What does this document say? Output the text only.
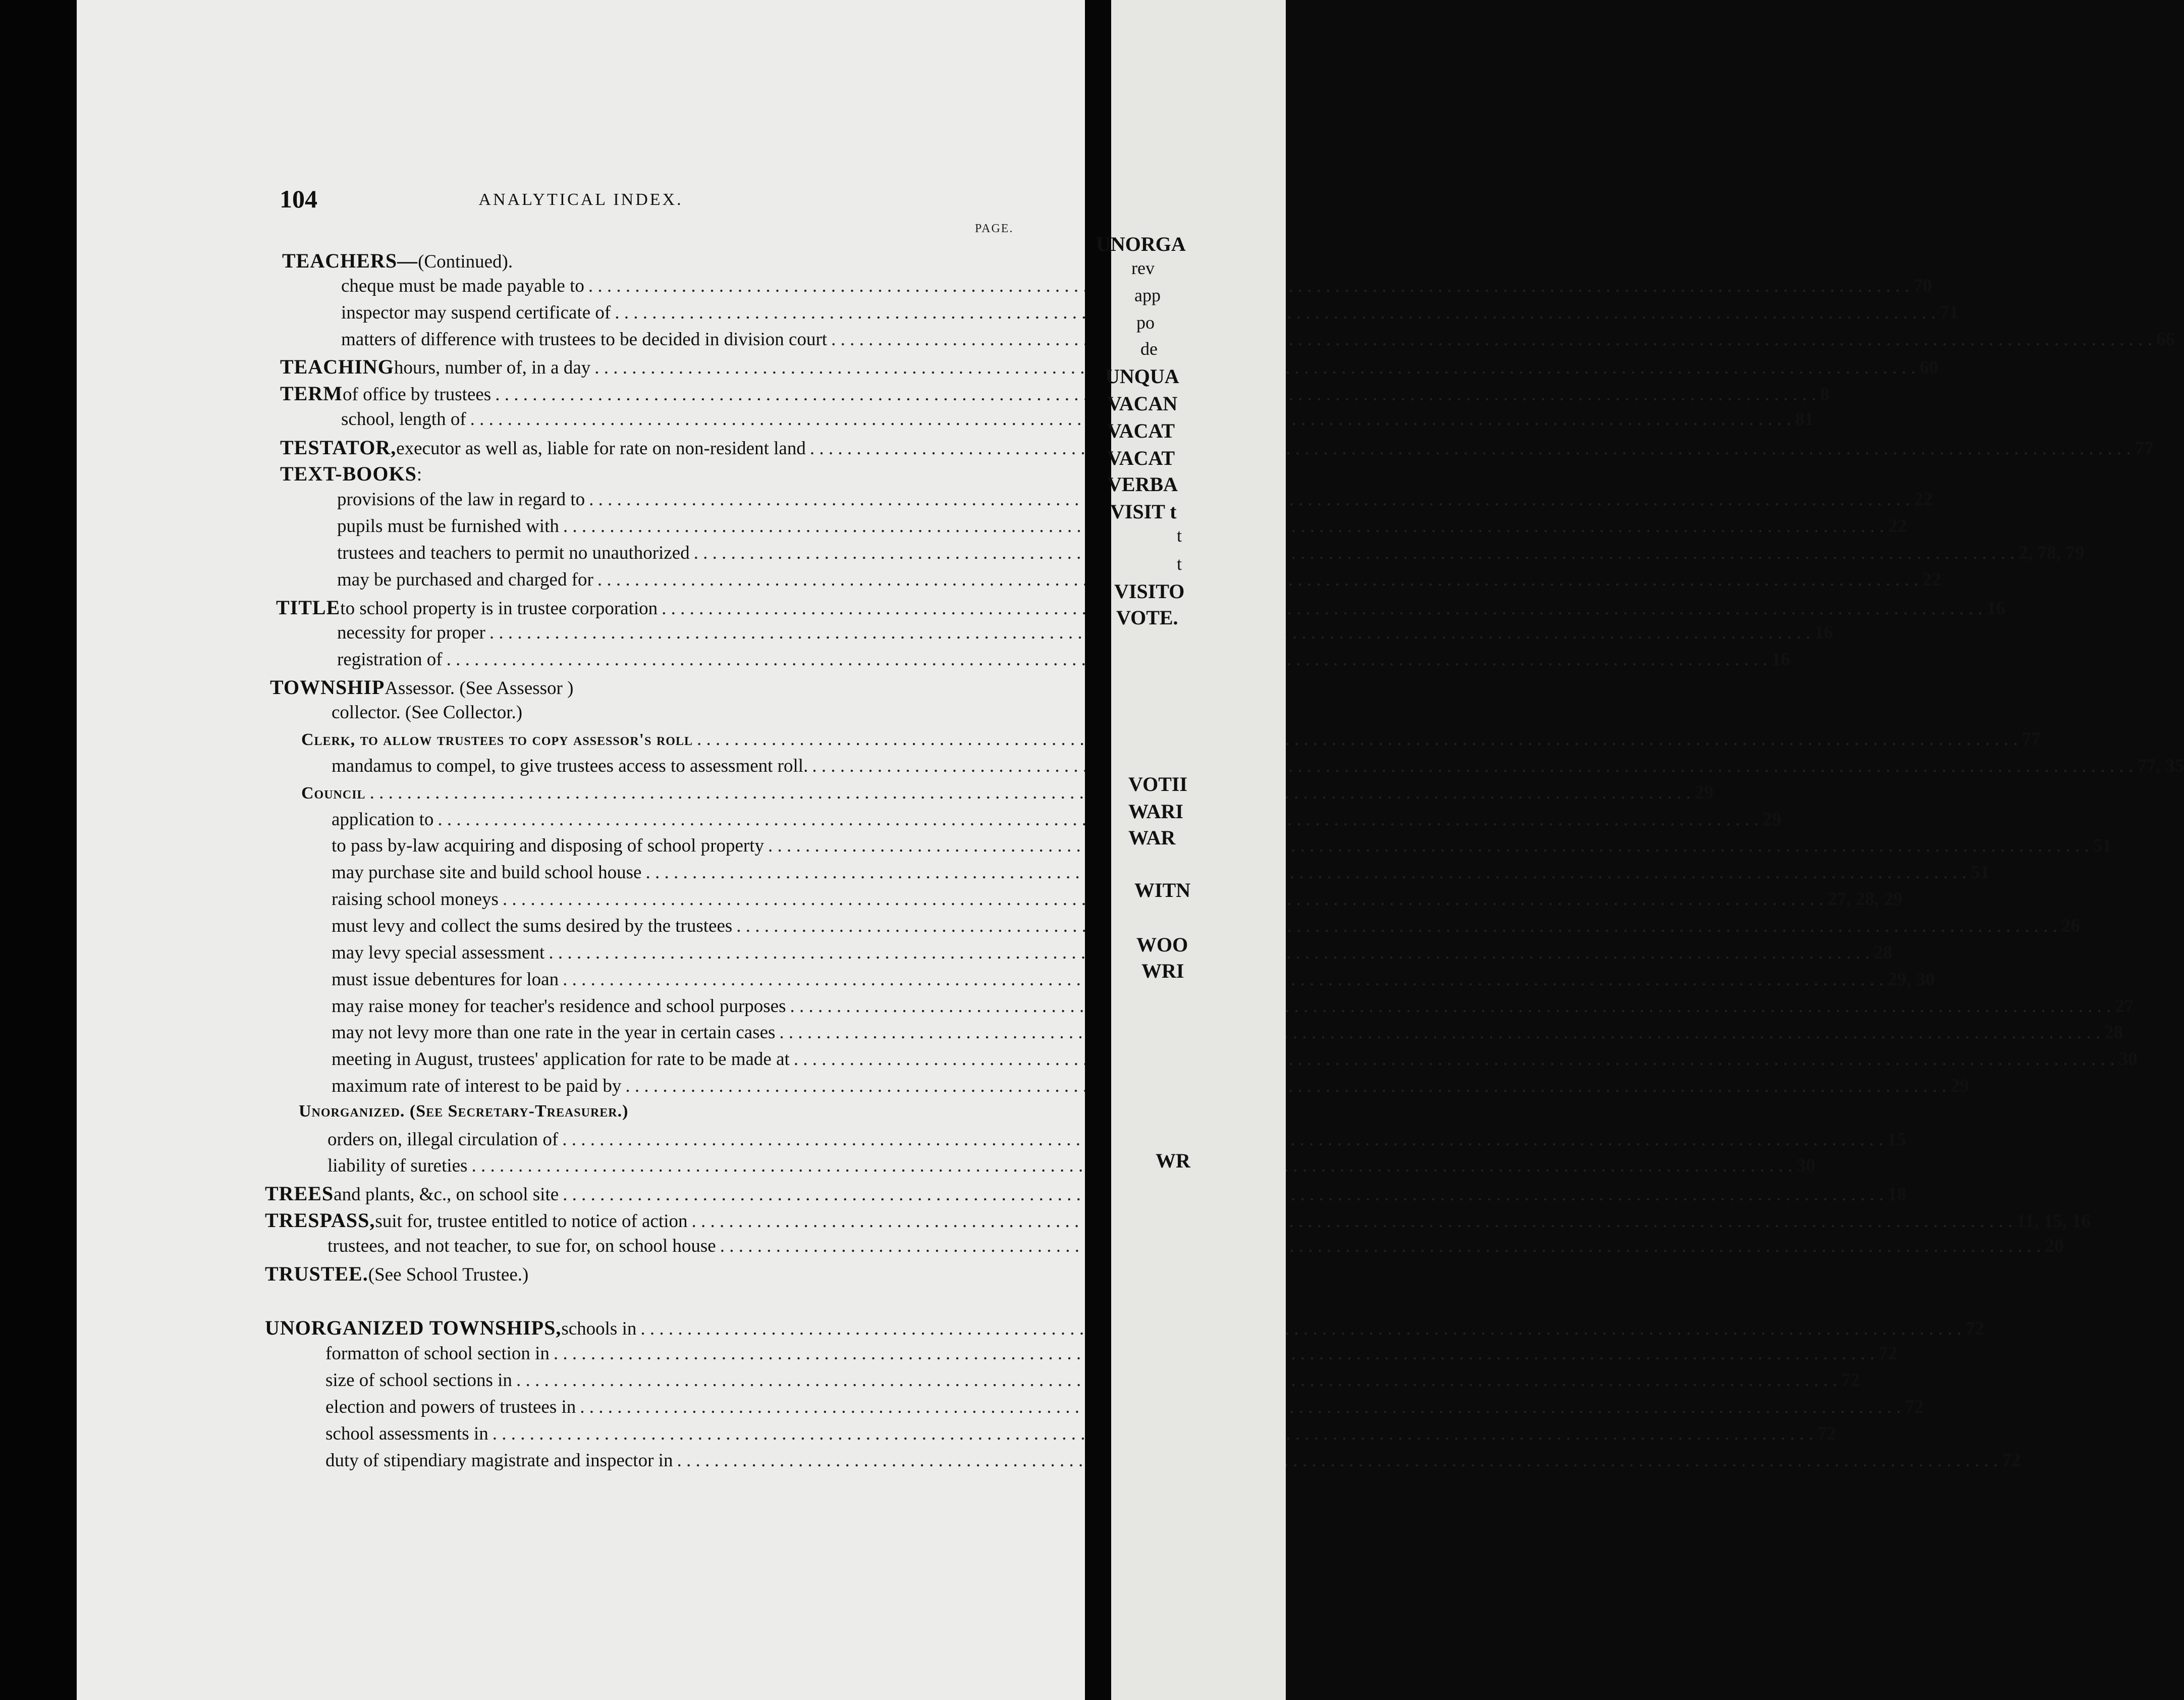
104	ANALYTICAL INDEX.
PAGE.
TEACHERS— (Continued).
cheque must be made payable to . . .	70
inspector may suspend certificate of . . .	71
matters of difference with trustees to be decided in division court . . .	66
TEACHING hours, number of, in a day . . .	60
TERM of office by trustees . . .	8
school, length of . . .	81
TESTATOR, executor as well as, liable for rate on non-resident land . . .	77
TEXT-BOOKS :
provisions of the law in regard to . . .	22
pupils must be furnished with . . .	22
trustees and teachers to permit no unauthorized . . .	2, 78, 79
may be purchased and charged for . . .	22
TITLE to school property is in trustee corporation . . .	16
necessity for proper . . .	16
registration of . . .	16
TOWNSHIP Assessor. (See Assessor )
collector. (See Collector.)
Clerk, to allow trustees to copy assessor's roll . . .	77
mandamus to compel, to give trustees access to assessment roll. . . .	77, 35
Council . . .	29
application to . . .	29
to pass by-law acquiring and disposing of school property . . .	51
may purchase site and build school house . . .	51
raising school moneys . . .	27, 28, 29
must levy and collect the sums desired by the trustees . . .	26
may levy special assessment . . .	28
must issue debentures for loan . . .	29, 30
may raise money for teacher's residence and school purposes . . .	27
may not levy more than one rate in the year in certain cases . . .	28
meeting in August, trustees' application for rate to be made at . . .	30
maximum rate of interest to be paid by . . .	29
Unorganized. (See Secretary-Treasurer.)
orders on, illegal circulation of . . .	15
liability of sureties . . .	30
TREES and plants, &c., on school site . . .	18
TRESPASS, suit for, trustee entitled to notice of action . . .	11, 15, 16
trustees, and not teacher, to sue for, on school house . . .	20
TRUSTEE. (See School Trustee.)
UNORGANIZED TOWNSHIPS, schools in . . .	72
formatton of school section in . . .	72
size of school sections in . . .	72
election and powers of trustees in . . .	72
school assessments in . . .	72
duty of stipendiary magistrate and inspector in . . .	72
UNORGA
rev
app
po
de
UNQUA
VACAN
VACAT
VACAT
VERBA
VISIT t
t
t
VISITO
VOTE.
VOTII
WARI
WAR
WITN
WOO
WRI
WR
